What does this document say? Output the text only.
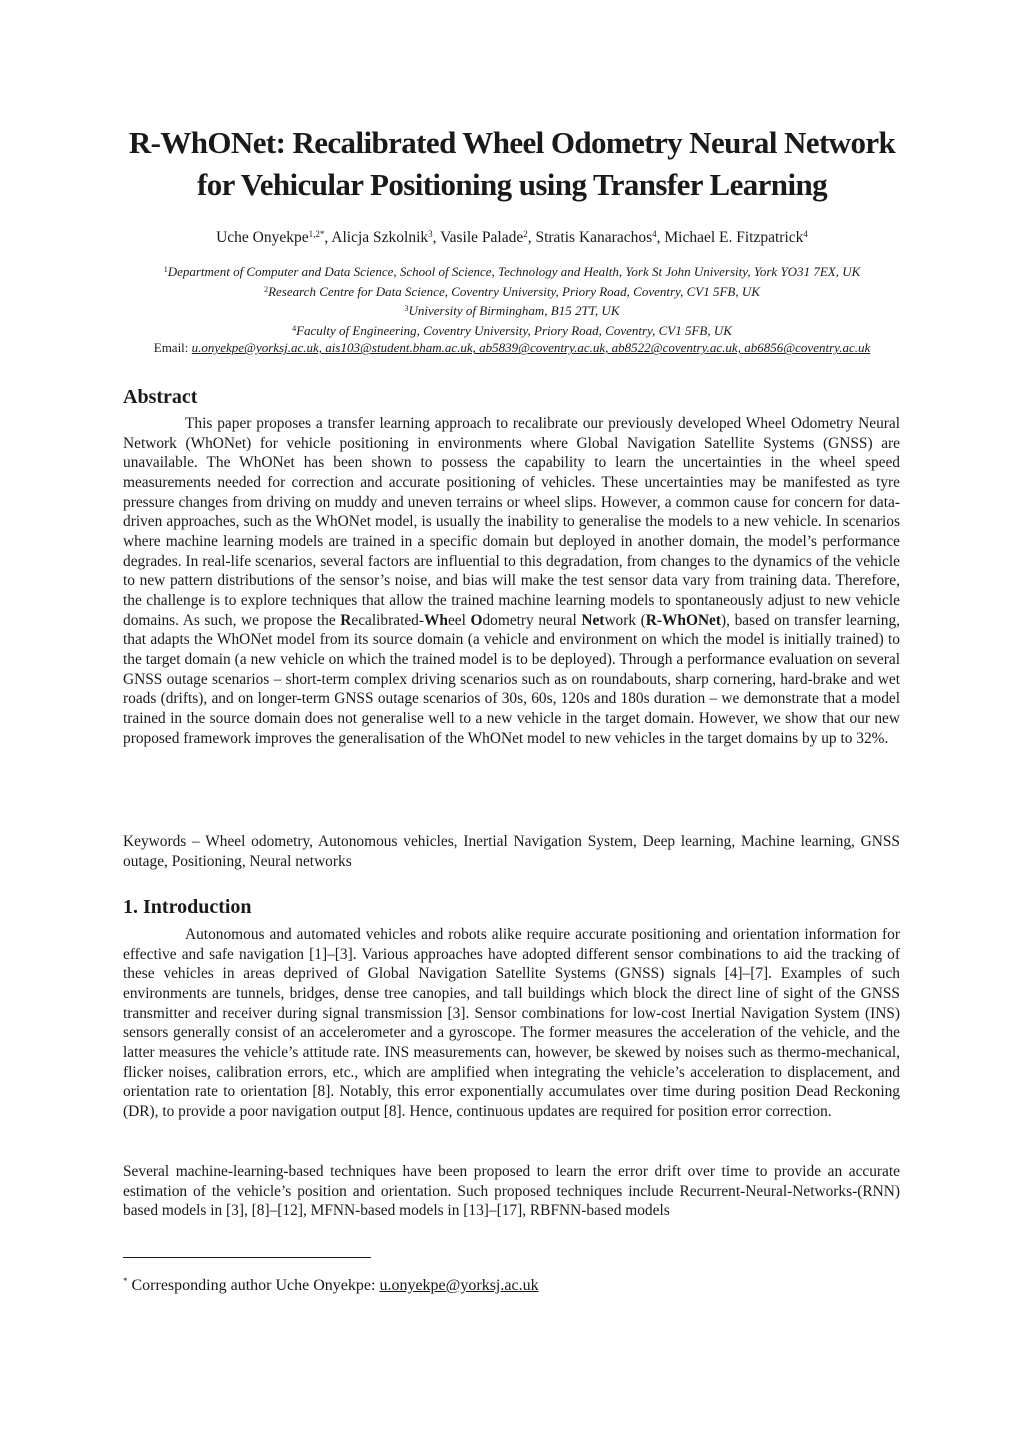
R-WhONet: Recalibrated Wheel Odometry Neural Network
for Vehicular Positioning using Transfer Learning
Uche Onyekpe$^{1,2*}$, Alicja Szkolnik$^3$, Vasile Palade$^2$, Stratis Kanarachos$^4$, Michael E. Fitzpatrick$^4$
$^1$Department of Computer and Data Science, School of Science, Technology and Health, York St John University, York YO31 7EX, UK
$^2$Research Centre for Data Science, Coventry University, Priory Road, Coventry, CV1 5FB, UK
$^3$University of Birmingham, B15 2TT, UK
$^4$Faculty of Engineering, Coventry University, Priory Road, Coventry, CV1 5FB, UK
Email: u.onyekpe@yorksj.ac.uk, ais103@student.bham.ac.uk, ab5839@coventry.ac.uk, ab8522@coventry.ac.uk, ab6856@coventry.ac.uk
Abstract

This paper proposes a transfer learning approach to recalibrate our previously developed Wheel Odometry Neural Network (WhONet) for vehicle positioning in environments where Global Navigation Satellite Systems (GNSS) are unavailable. The WhONet has been shown to possess the capability to learn the uncertainties in the wheel speed measurements needed for correction and accurate positioning of vehicles. These uncertainties may be manifested as tyre pressure changes from driving on muddy and uneven terrains or wheel slips. However, a common cause for concern for data-driven approaches, such as the WhONet model, is usually the inability to generalise the models to a new vehicle. In scenarios where machine learning models are trained in a specific domain but deployed in another domain, the model’s performance degrades. In real-life scenarios, several factors are influential to this degradation, from changes to the dynamics of the vehicle to new pattern distributions of the sensor’s noise, and bias will make the test sensor data vary from training data. Therefore, the challenge is to explore techniques that allow the trained machine learning models to spontaneously adjust to new vehicle domains. As such, we propose the Recalibrated-Wheel Odometry neural Network (R-WhONet), based on transfer learning, that adapts the WhONet model from its source domain (a vehicle and environment on which the model is initially trained) to the target domain (a new vehicle on which the trained model is to be deployed). Through a performance evaluation on several GNSS outage scenarios – short-term complex driving scenarios such as on roundabouts, sharp cornering, hard-brake and wet roads (drifts), and on longer-term GNSS outage scenarios of 30s, 60s, 120s and 180s duration – we demonstrate that a model trained in the source domain does not generalise well to a new vehicle in the target domain. However, we show that our new proposed framework improves the generalisation of the WhONet model to new vehicles in the target domains by up to 32%.

Keywords – Wheel odometry, Autonomous vehicles, Inertial Navigation System, Deep learning, Machine learning, GNSS outage, Positioning, Neural networks

1. Introduction

Autonomous and automated vehicles and robots alike require accurate positioning and orientation information for effective and safe navigation [1]–[3]. Various approaches have adopted different sensor combinations to aid the tracking of these vehicles in areas deprived of Global Navigation Satellite Systems (GNSS) signals [4]–[7]. Examples of such environments are tunnels, bridges, dense tree canopies, and tall buildings which block the direct line of sight of the GNSS transmitter and receiver during signal transmission [3]. Sensor combinations for low-cost Inertial Navigation System (INS) sensors generally consist of an accelerometer and a gyroscope. The former measures the acceleration of the vehicle, and the latter measures the vehicle’s attitude rate. INS measurements can, however, be skewed by noises such as thermo-mechanical, flicker noises, calibration errors, etc., which are amplified when integrating the vehicle’s acceleration to displacement, and orientation rate to orientation [8]. Notably, this error exponentially accumulates over time during position Dead Reckoning (DR), to provide a poor navigation output [8]. Hence, continuous updates are required for position error correction.

Several machine-learning-based techniques have been proposed to learn the error drift over time to provide an accurate estimation of the vehicle’s position and orientation. Such proposed techniques include Recurrent-Neural-Networks-(RNN) based models in [3], [8]–[12], MFNN-based models in [13]–[17], RBFNN-based models

* Corresponding author Uche Onyekpe: u.onyekpe@yorksj.ac.uk
